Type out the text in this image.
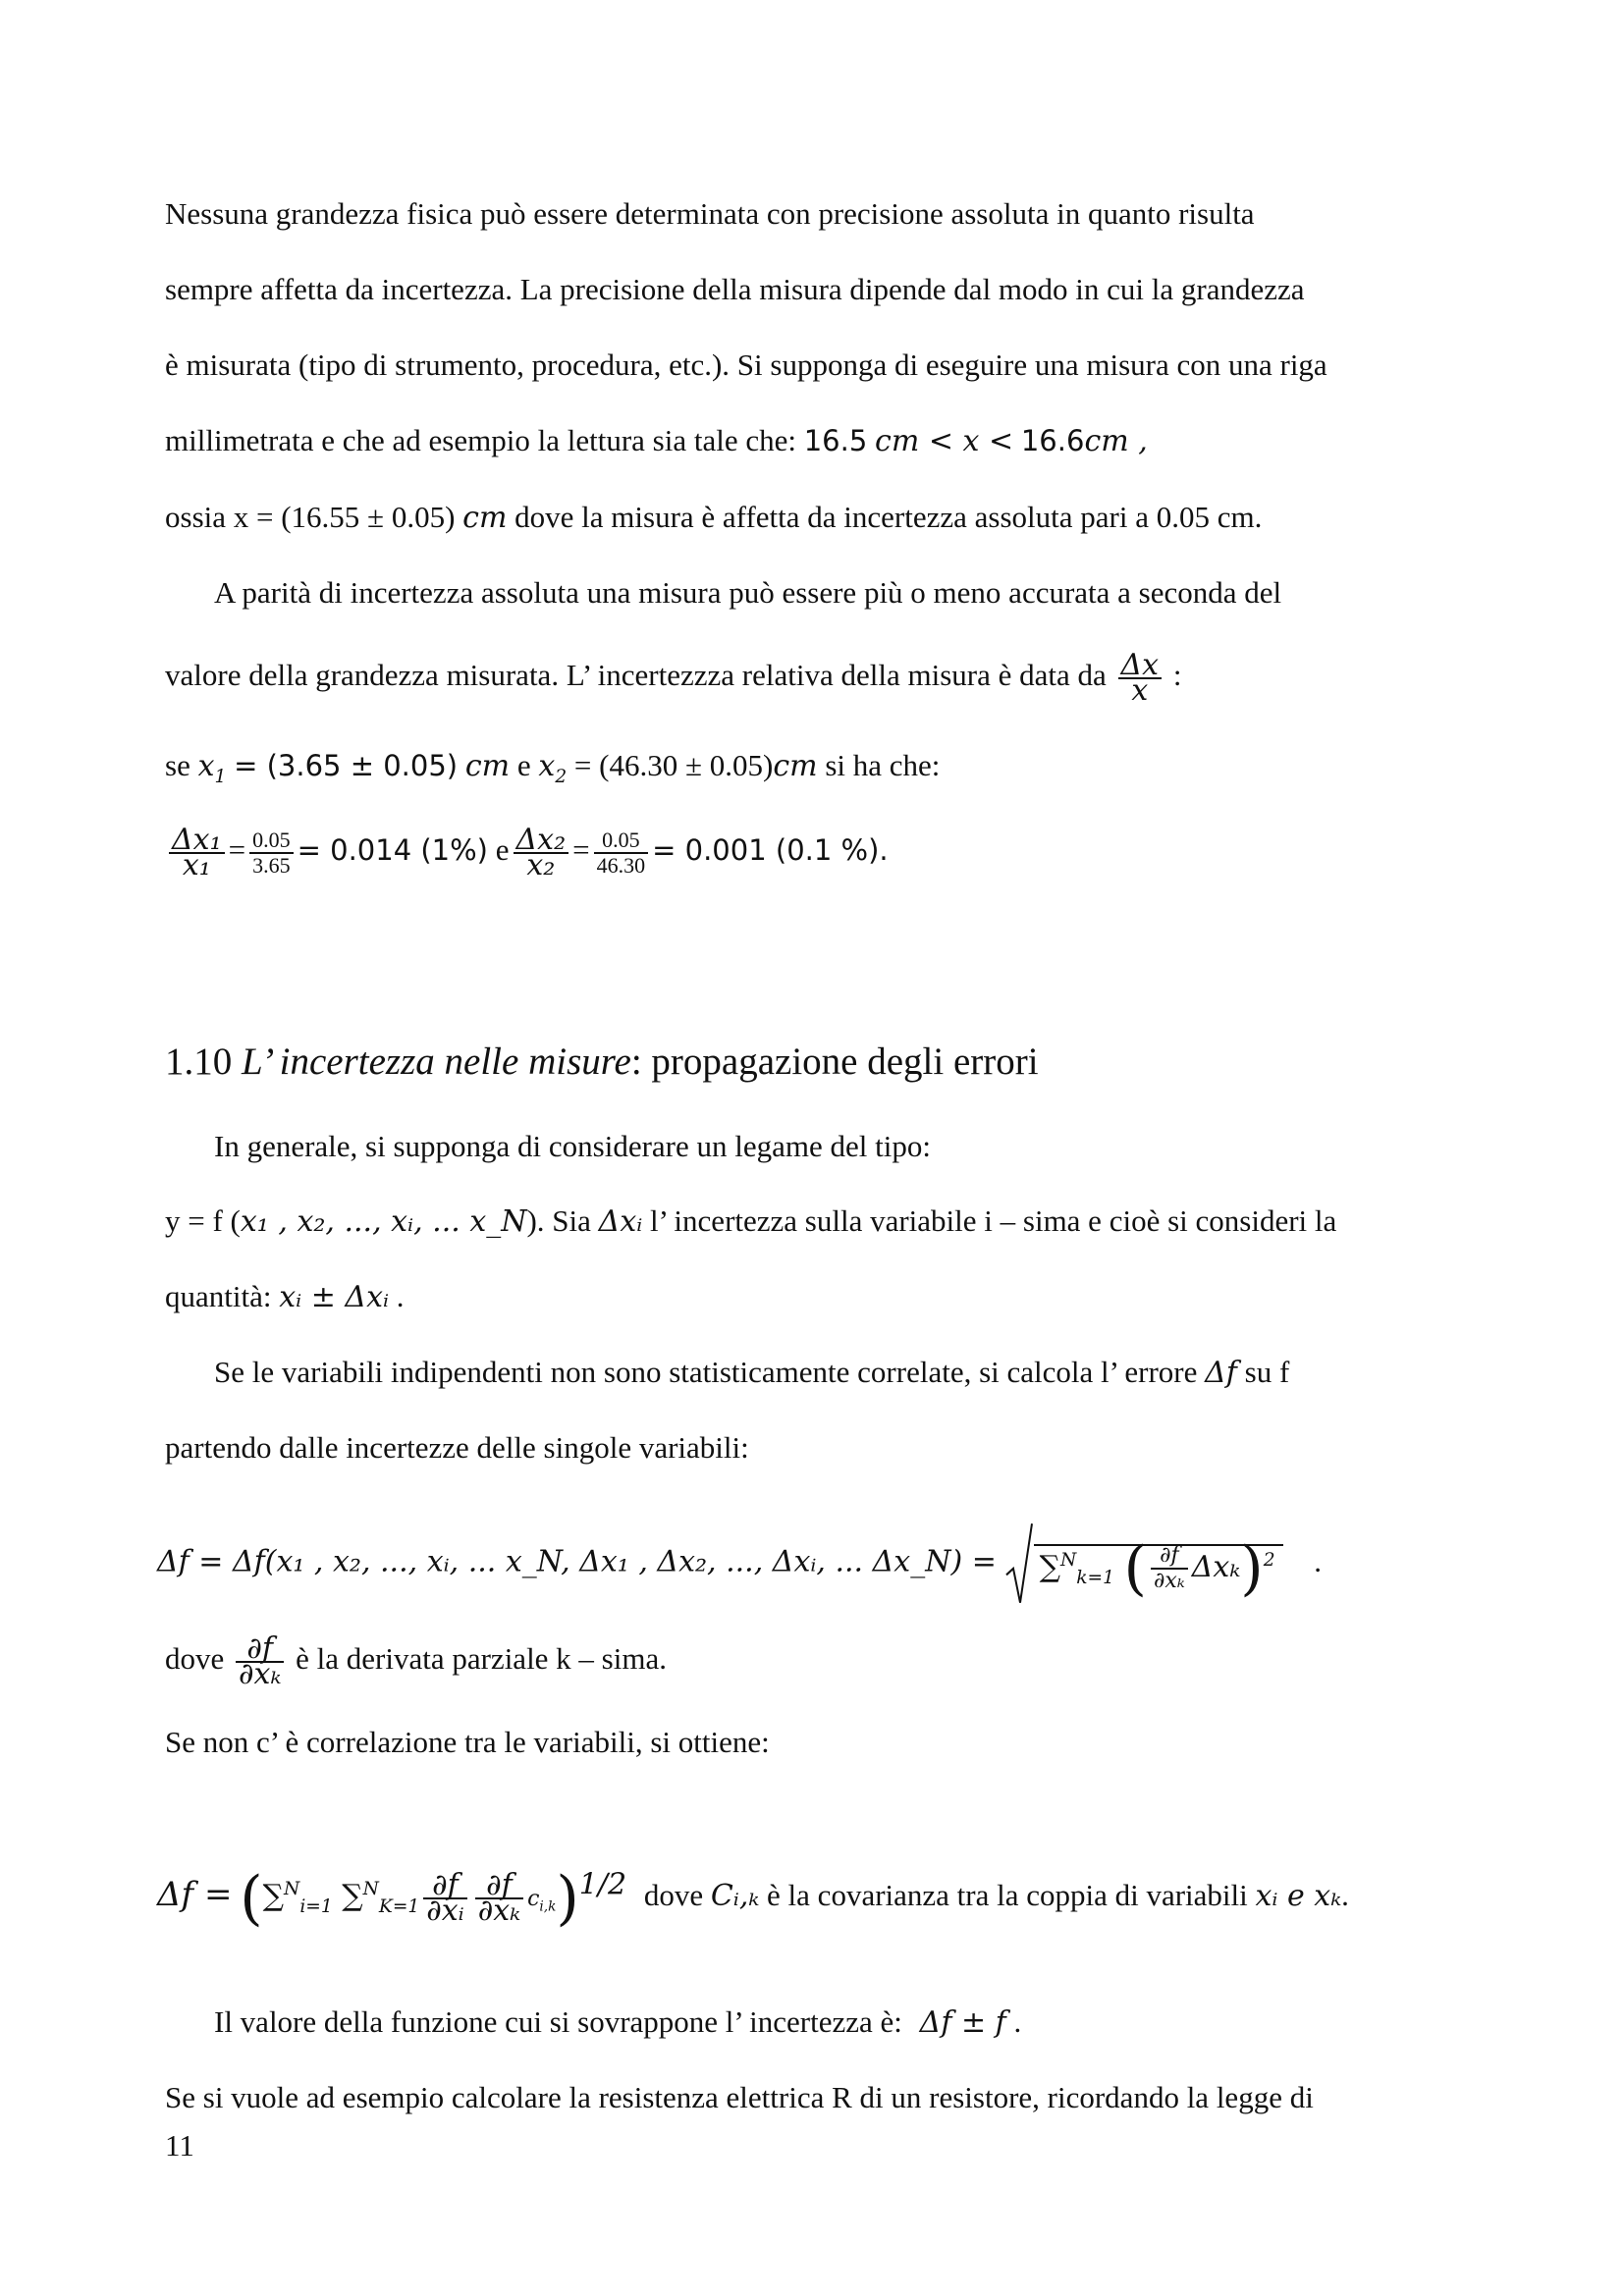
Nessuna grandezza fisica può essere determinata con precisione assoluta in quanto risulta
sempre affetta da incertezza. La precisione della misura dipende dal modo in cui la grandezza
è misurata (tipo di strumento, procedura, etc.). Si supponga di eseguire una misura con una riga
millimetrata e che ad esempio la lettura sia tale che: 16.5 cm < x < 16.6cm ,
ossia x = (16.55 ± 0.05) cm dove la misura è affetta da incertezza assoluta pari a 0.05 cm.
A parità di incertezza assoluta una misura può essere più o meno accurata a seconda del
valore della grandezza misurata. L’ incertezzza relativa della misura è data da $\frac{\Delta x}{x}$ :
se $x_1 = (3.65 \pm 0.05)$ cm e $x_2 = (46.30 \pm 0.05)cm$ si ha che:
$\frac{\text{Δx₁}}{\text{x₁}} = \frac{0.05}{3.65} = 0.014$ (1%) e $\frac{\text{Δx₂}}{\text{x₂}} = \frac{0.05}{46.30} = 0.001$ (0.1 %).
1.10 L’ incertezza nelle misure: propagazione degli errori
In generale, si supponga di considerare un legame del tipo:
y = f (x₁ , x₂, ..., xᵢ, ... x_N). Sia Δxᵢ l’ incertezza sulla variabile i – sima e cioè si consideri la
quantità: xᵢ ± Δxᵢ .
Se le variabili indipendenti non sono statisticamente correlate, si calcola l’ errore Δf su f
partendo dalle incertezze delle singole variabili:
Δf = Δf(x₁ , x₂, ..., xᵢ, ... x_N, Δx₁ , Δx₂, ..., Δxᵢ, ... Δx_N) = ∑$^N_{k=1}$ ( $\frac{\partial f}{\text{∂xₖ}} \Delta x_k)^2$ .
dove $\frac{\partial f}{\text{∂xₖ}}$ è la derivata parziale k – sima.
Se non c’ è correlazione tra le variabili, si ottiene:
Δf = (∑$^N_{i=1}$ $\sum^N_{K=1} \frac{\partial f}{\text{∂xᵢ}} \frac{\partial f}{\text{∂xₖ}} c_{i,k})^{1/2}$ dove Cᵢ,ₖ è la covarianza tra la coppia di variabili xᵢ e xₖ.
Il valore della funzione cui si sovrappone l’ incertezza è: Δf ± f .
Se si vuole ad esempio calcolare la resistenza elettrica R di un resistore, ricordando la legge di
11
